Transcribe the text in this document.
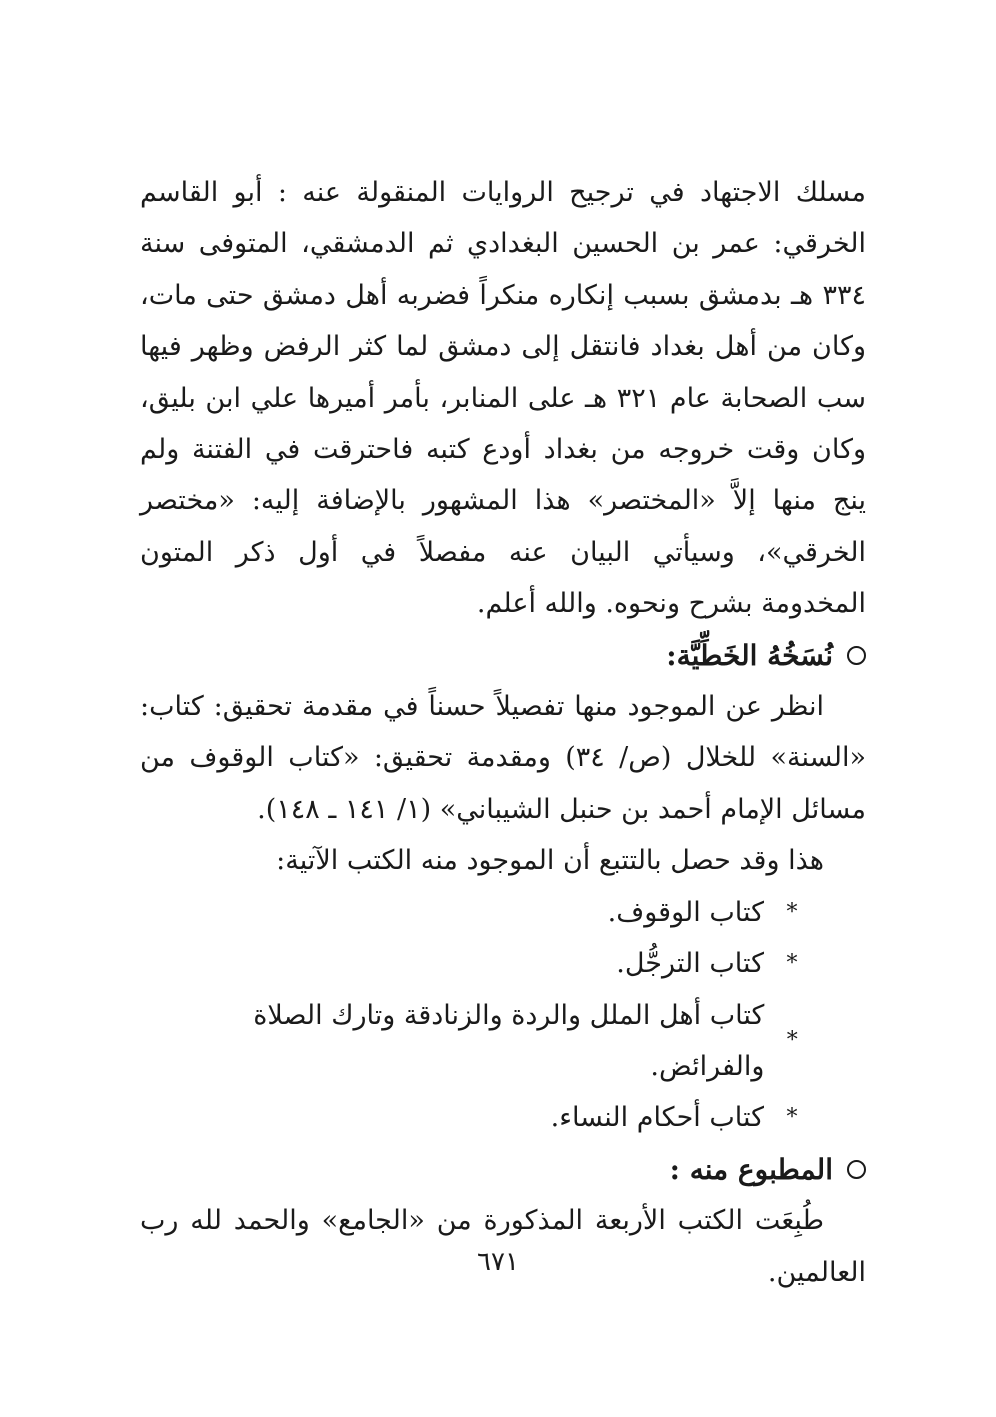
مسلك الاجتهاد في ترجيح الروايات المنقولة عنه : أبو القاسم الخرقي: عمر بن الحسين البغدادي ثم الدمشقي، المتوفى سنة ٣٣٤ هـ بدمشق بسبب إنكاره منكراً فضربه أهل دمشق حتى مات، وكان من أهل بغداد فانتقل إلى دمشق لما كثر الرفض وظهر فيها سب الصحابة عام ٣٢١ هـ على المنابر، بأمر أميرها علي ابن بليق، وكان وقت خروجه من بغداد أودع كتبه فاحترقت في الفتنة ولم ينج منها إلاَّ «المختصر» هذا المشهور بالإضافة إليه: «مختصر الخرقي»، وسيأتي البيان عنه مفصلاً في أول ذكر المتون المخدومة بشرح ونحوه. والله أعلم.

نُسَخُهُ الخَطِّيَّة:

انظر عن الموجود منها تفصيلاً حسناً في مقدمة تحقيق: كتاب: «السنة» للخلال (ص/ ٣٤) ومقدمة تحقيق: «كتاب الوقوف من مسائل الإمام أحمد بن حنبل الشيباني» (١/ ١٤١ ـ ١٤٨).

هذا وقد حصل بالتتبع أن الموجود منه الكتب الآتية:

*
كتاب الوقوف.
*
كتاب الترجُّل.
*
كتاب أهل الملل والردة والزنادقة وتارك الصلاة والفرائض.
*
كتاب أحكام النساء.
المطبوع منه :

طُبِعَت الكتب الأربعة المذكورة من «الجامع» والحمد لله رب العالمين.

٦٧١
